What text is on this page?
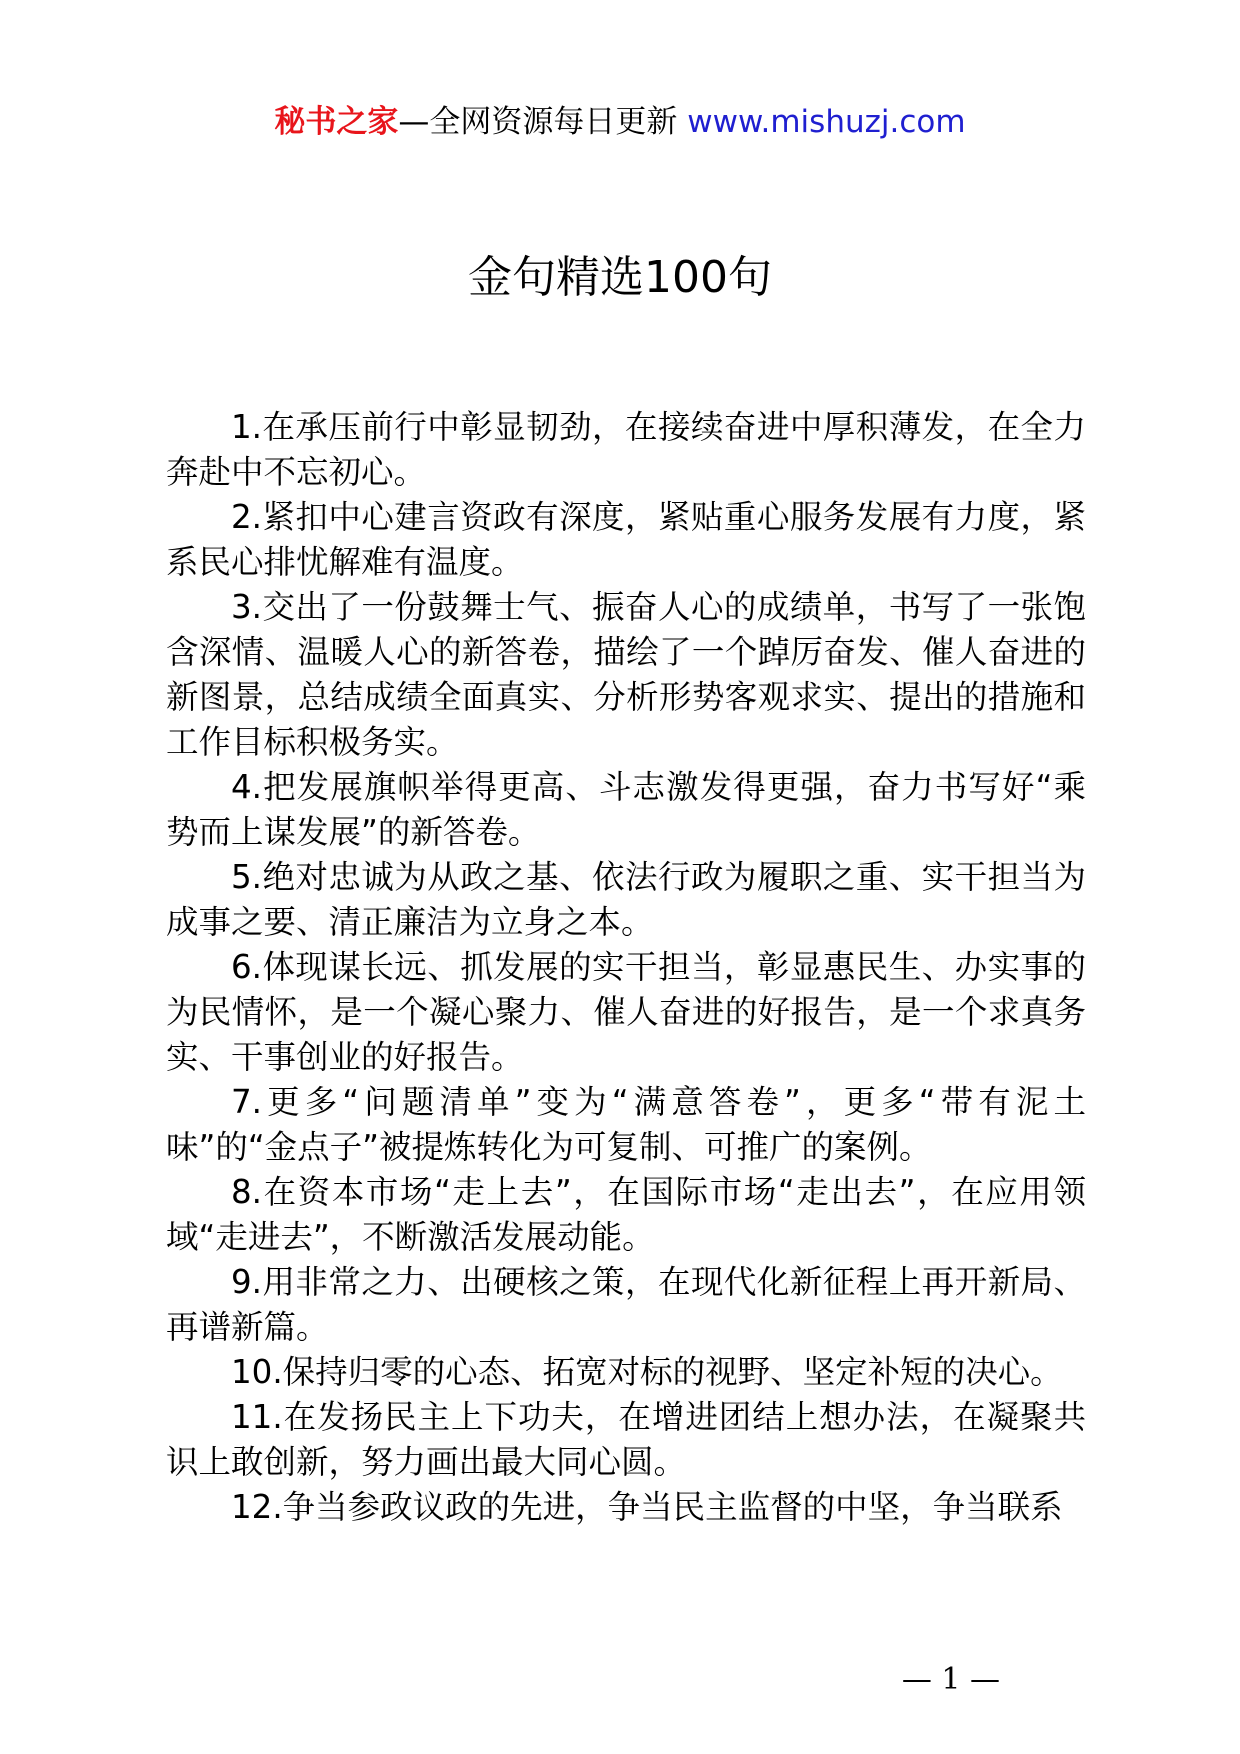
秘书之家—全网资源每日更新 www.mishuzj.com
金句精选100句

1.在承压前行中彰显韧劲，在接续奋进中厚积薄发，在全力奔赴中不忘初心。

2.紧扣中心建言资政有深度，紧贴重心服务发展有力度，紧系民心排忧解难有温度。

3.交出了一份鼓舞士气、振奋人心的成绩单，书写了一张饱含深情、温暖人心的新答卷，描绘了一个踔厉奋发、催人奋进的新图景，总结成绩全面真实、分析形势客观求实、提出的措施和工作目标积极务实。

4.把发展旗帜举得更高、斗志激发得更强，奋力书写好“乘势而上谋发展”的新答卷。

5.绝对忠诚为从政之基、依法行政为履职之重、实干担当为成事之要、清正廉洁为立身之本。

6.体现谋长远、抓发展的实干担当，彰显惠民生、办实事的为民情怀，是一个凝心聚力、催人奋进的好报告，是一个求真务实、干事创业的好报告。

7.更多“问题清单”变为“满意答卷”，更多“带有泥土味”的“金点子”被提炼转化为可复制、可推广的案例。

8.在资本市场“走上去”，在国际市场“走出去”，在应用领域“走进去”，不断激活发展动能。

9.用非常之力、出硬核之策，在现代化新征程上再开新局、再谱新篇。

10.保持归零的心态、拓宽对标的视野、坚定补短的决心。

11.在发扬民主上下功夫，在增进团结上想办法，在凝聚共识上敢创新，努力画出最大同心圆。

12.争当参政议政的先进，争当民主监督的中坚，争当联系

— 1 —
